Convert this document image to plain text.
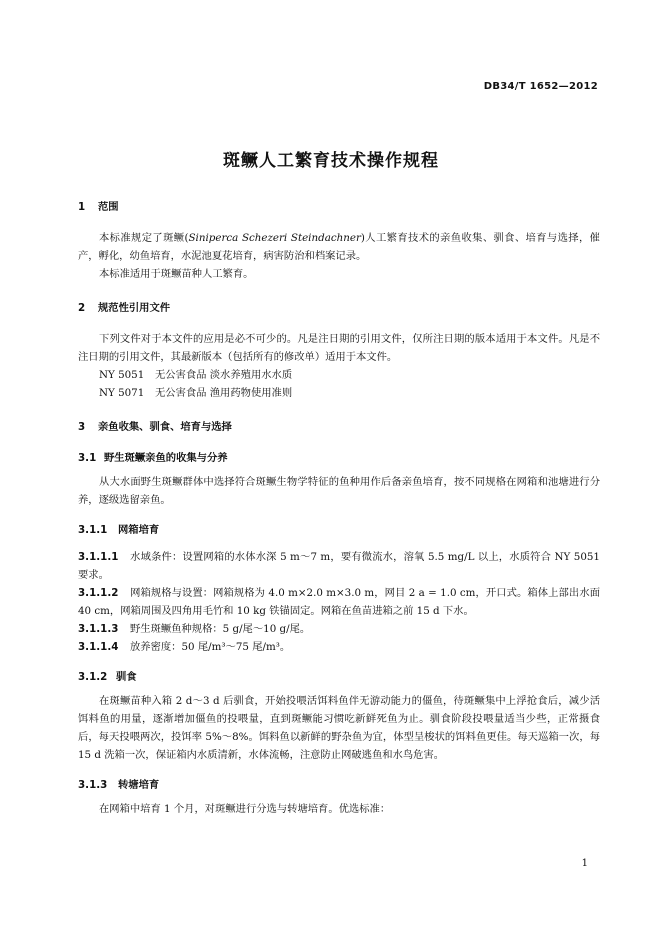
DB34/T 1652—2012
斑鳜人工繁育技术操作规程
1 范围

本标准规定了斑鳜(Siniperca Schezeri Steindachner)人工繁育技术的亲鱼收集、驯食、培育与选择，催产，孵化，幼鱼培育，水泥池夏花培育，病害防治和档案记录。

本标准适用于斑鳜苗种人工繁育。

2 规范性引用文件

下列文件对于本文件的应用是必不可少的。凡是注日期的引用文件，仅所注日期的版本适用于本文件。凡是不注日期的引用文件，其最新版本（包括所有的修改单）适用于本文件。

NY 5051 无公害食品 淡水养殖用水水质
NY 5071 无公害食品 渔用药物使用准则
3 亲鱼收集、驯食、培育与选择
3.1 野生斑鳜亲鱼的收集与分养

从大水面野生斑鳜群体中选择符合斑鳜生物学特征的鱼种用作后备亲鱼培育，按不同规格在网箱和池塘进行分养，逐级选留亲鱼。

3.1.1 网箱培育

3.1.1.1 水域条件：设置网箱的水体水深 5 m～7 m，要有微流水，溶氧 5.5 mg/L 以上，水质符合 NY 5051 要求。

3.1.1.2 网箱规格与设置：网箱规格为 4.0 m×2.0 m×3.0 m，网目 2 a = 1.0 cm，开口式。箱体上部出水面 40 cm，网箱周围及四角用毛竹和 10 kg 铁锚固定。网箱在鱼苗进箱之前 15 d 下水。

3.1.1.3 野生斑鳜鱼种规格：5 g/尾～10 g/尾。

3.1.1.4 放养密度：50 尾/m³～75 尾/m³。

3.1.2 驯食

在斑鳜苗种入箱 2 d～3 d 后驯食，开始投喂活饵料鱼伴无游动能力的僵鱼，待斑鳜集中上浮抢食后，减少活饵料鱼的用量，逐渐增加僵鱼的投喂量，直到斑鳜能习惯吃新鲜死鱼为止。驯食阶段投喂量适当少些，正常摄食后，每天投喂两次，投饵率 5%～8%。饵料鱼以新鲜的野杂鱼为宜，体型呈梭状的饵料鱼更佳。每天巡箱一次，每 15 d 洗箱一次，保证箱内水质清新，水体流畅，注意防止网破逃鱼和水鸟危害。

3.1.3 转塘培育

在网箱中培育 1 个月，对斑鳜进行分选与转塘培育。优选标准：

1
